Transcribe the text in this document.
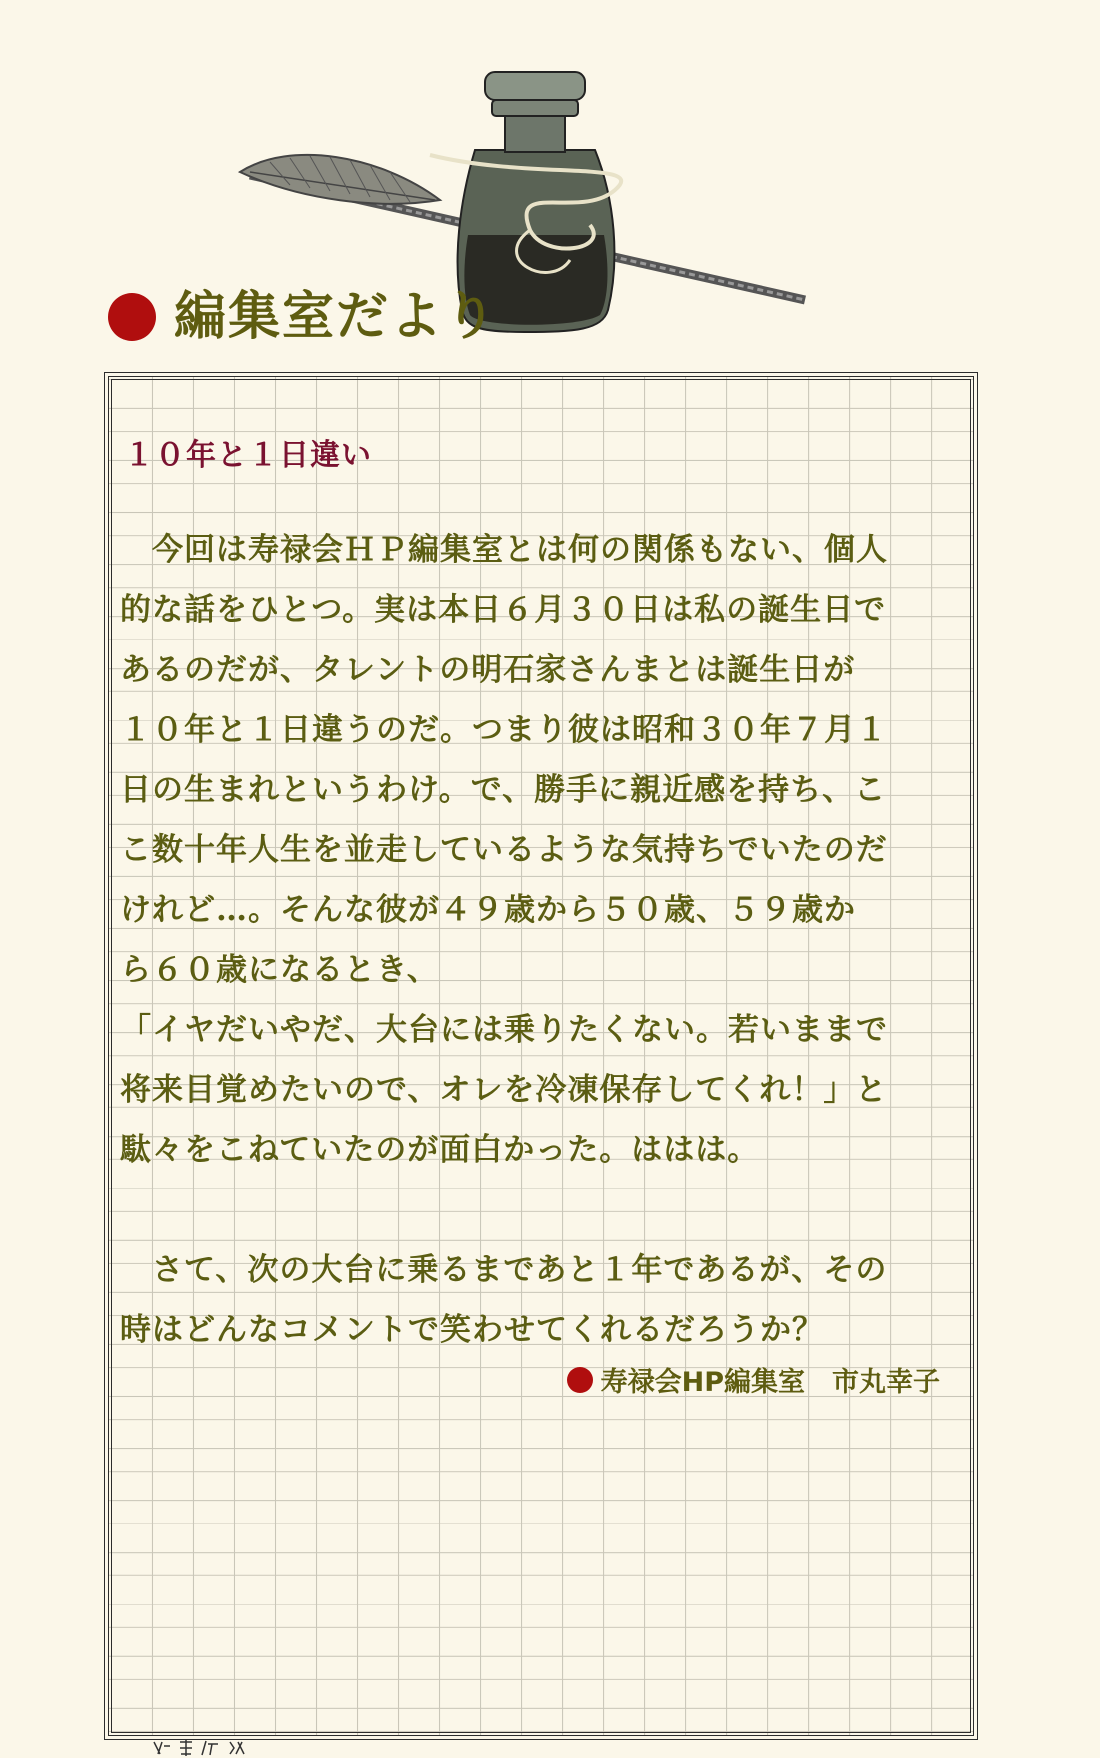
編集室だより
１０年と１日違い
　今回は寿禄会ＨＰ編集室とは何の関係もない、個人
的な話をひとつ。実は本日６月３０日は私の誕生日で
あるのだが、タレントの明石家さんまとは誕生日が
１０年と１日違うのだ。つまり彼は昭和３０年７月１
日の生まれというわけ。で、勝手に親近感を持ち、こ
こ数十年人生を並走しているような気持ちでいたのだ
けれど…。そんな彼が４９歳から５０歳、５９歳か
ら６０歳になるとき、
「イヤだいやだ、大台には乗りたくない。若いままで
将来目覚めたいので、オレを冷凍保存してくれ！」と
駄々をこねていたのが面白かった。ははは。
　さて、次の大台に乗るまであと１年であるが、その
時はどんなコメントで笑わせてくれるだろうか？
寿禄会HP編集室　市丸幸子
